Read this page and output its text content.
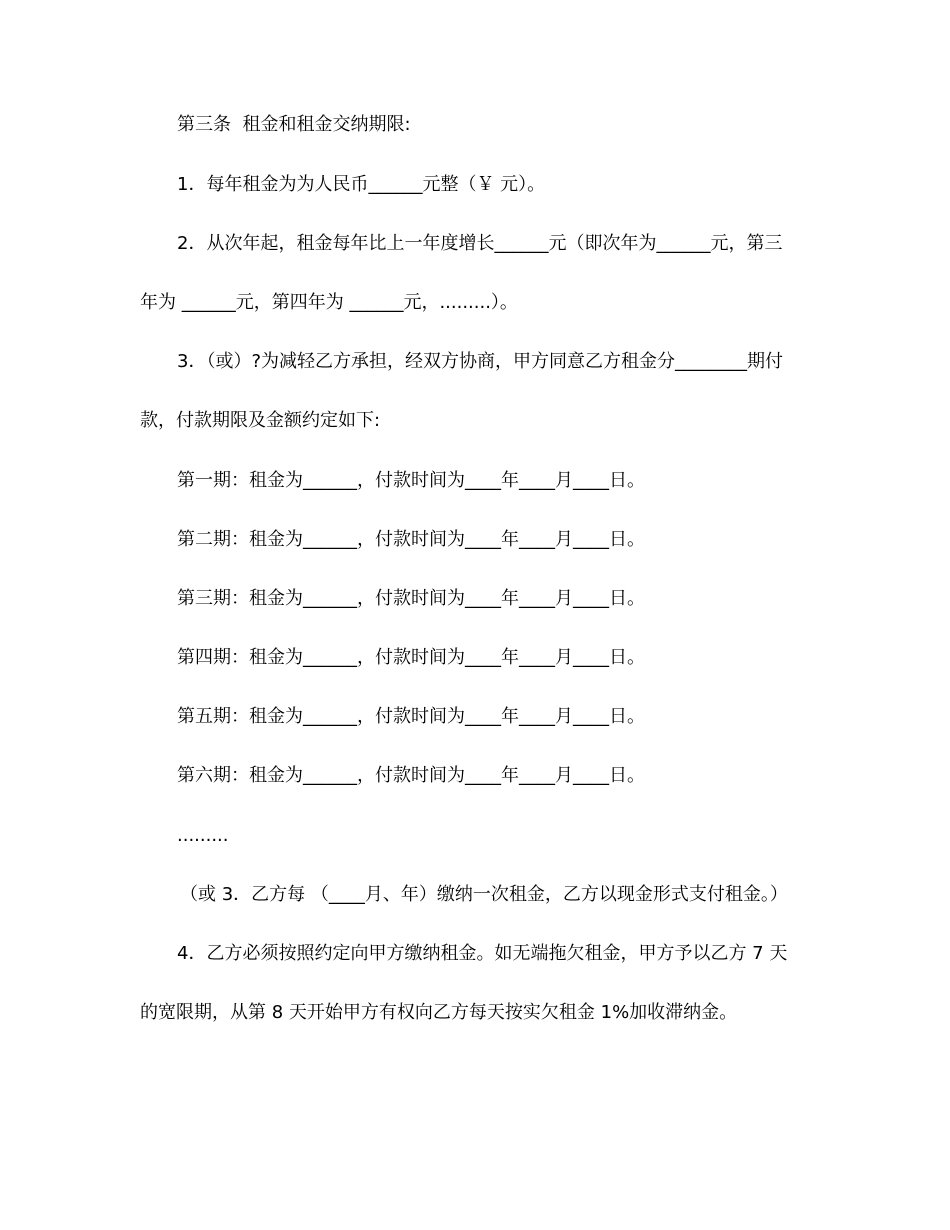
第三条  租金和租金交纳期限:
1．每年租金为为人民币______元整（￥ 元）。
2．从次年起，租金每年比上一年度增长______元（即次年为______元，第三
年为 ______元，第四年为 ______元，.........）。
3．（或）?为减轻乙方承担，经双方协商，甲方同意乙方租金分________期付
款，付款期限及金额约定如下:
第一期：租金为______，付款时间为____年____月____日。
第二期：租金为______，付款时间为____年____月____日。
第三期：租金为______，付款时间为____年____月____日。
第四期：租金为______，付款时间为____年____月____日。
第五期：租金为______，付款时间为____年____月____日。
第六期：租金为______，付款时间为____年____月____日。
.........
（或 3．乙方每 （____月、年）缴纳一次租金，乙方以现金形式支付租金。）
4．乙方必须按照约定向甲方缴纳租金。如无端拖欠租金，甲方予以乙方 7 天
的宽限期，从第 8 天开始甲方有权向乙方每天按实欠租金 1%加收滞纳金。
